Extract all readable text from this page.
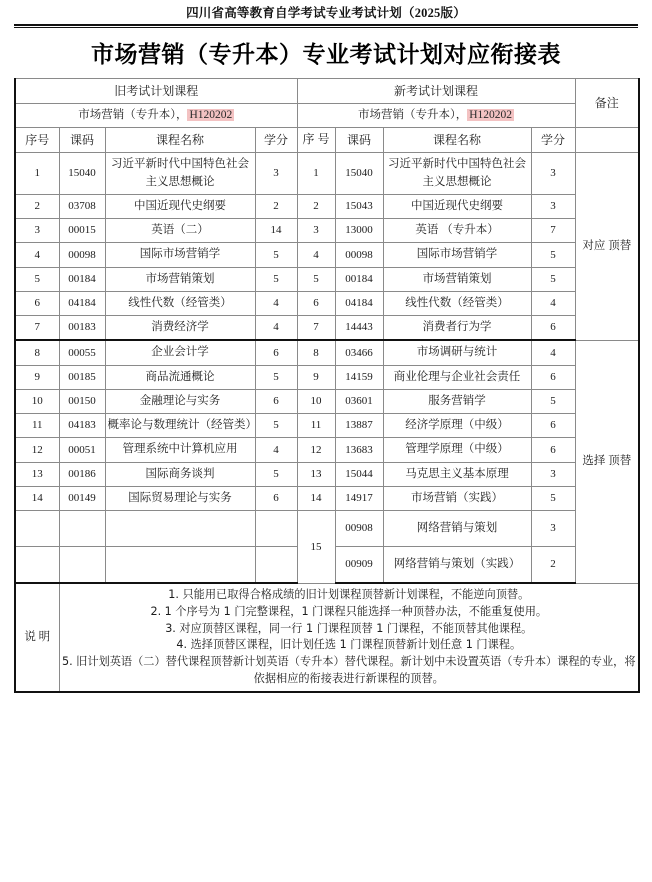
四川省高等教育自学考试专业考试计划（2025版）
市场营销（专升本）专业考试计划对应衔接表
旧考试计划课程				新考试计划课程				备注
市场营销（专升本）， H120202				市场营销（专升本）， H120202				
序号	课码	课程名称	学分	序 号	课码	课程名称	学分	
1	15040	习近平新时代中国特色社会主义思想概论	3	1	15040	习近平新时代中国特色社会主义思想概论	3	对应 顶替
2	03708	中国近现代史纲要	2	2	15043	中国近现代史纲要	3	
3	00015	英语（二）	14	3	13000	英语 （专升本）	7	
4	00098	国际市场营销学	5	4	00098	国际市场营销学	5	
5	00184	市场营销策划	5	5	00184	市场营销策划	5	
6	04184	线性代数（经管类）	4	6	04184	线性代数（经管类）	4	
7	00183	消费经济学	4	7	14443	消费者行为学	6	
8	00055	企业会计学	6	8	03466	市场调研与统计	4	选择 顶替
9	00185	商品流通概论	5	9	14159	商业伦理与企业社会责任	6	
10	00150	金融理论与实务	6	10	03601	服务营销学	5	
11	04183	概率论与数理统计（经管类）	5	11	13887	经济学原理（中级）	6	
12	00051	管理系统中计算机应用	4	12	13683	管理学原理（中级）	6	
13	00186	国际商务谈判	5	13	15044	马克思主义基本原理	3	
14	00149	国际贸易理论与实务	6	14	14917	市场营销（实践）	5	
				15	00908	网络营销与策划	3	
					00909	网络营销与策划（实践）	2	
说 明	1. 只能用已取得合格成绩的旧计划课程顶替新计划课程，不能逆向顶替。
2. 1 个序号为 1 门完整课程，1 门课程只能选择一种顶替办法，不能重复使用。
3. 对应顶替区课程，同一行 1 门课程顶替 1 门课程，不能顶替其他课程。
4. 选择顶替区课程，旧计划任选 1 门课程顶替新计划任意 1 门课程。
5. 旧计划英语（二）替代课程顶替新计划英语（专升本）替代课程。新计划中未设置英语（专升本）课程的专业，将依据相应的衔接表进行新课程的顶替。							
